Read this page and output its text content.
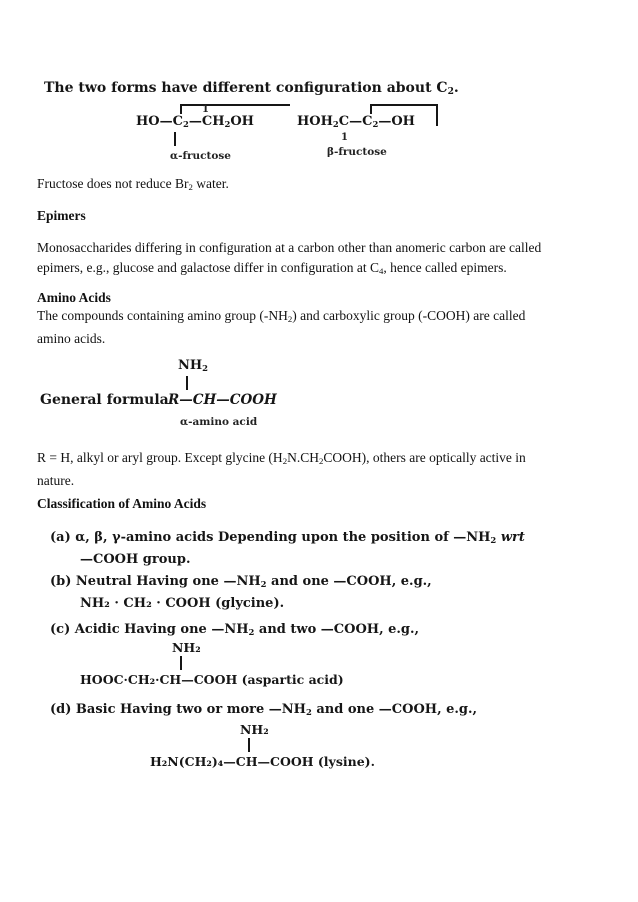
The two forms have different configuration about $C_2$.
1
$HO—C_2—CH_2OH$
α-fructose
$HOH_2C—C_2—OH$
1
β-fructose
Fructose does not reduce $Br_2$ water.
Epimers
Monosaccharides differing in configuration at a carbon other than anomeric carbon are called
epimers, e.g., glucose and galactose differ in configuration at $C_4$, hence called epimers.
Amino Acids
The compounds containing amino group $(-NH_2)$ and carboxylic group (-COOH) are called
amino acids.
$NH_2$
General formula R—CH—COOH
α-amino acid
R = H, alkyl or aryl group. Except glycine $(H_2N.CH_2COOH)$, others are optically active in
nature.
Classification of Amino Acids
(a) α, β, γ-amino acids Depending upon the position of $—NH_2$ wrt
—COOH group.
(b) Neutral Having one $—NH_2$ and one —COOH, e.g.,
NH₂ · CH₂ · COOH (glycine).
(c) Acidic Having one $—NH_2$ and two —COOH, e.g.,
NH₂
HOOC·CH₂·CH—COOH (aspartic acid)
(d) Basic Having two or more $—NH_2$ and one —COOH, e.g.,
NH₂
H₂N(CH₂)₄—CH—COOH (lysine).
